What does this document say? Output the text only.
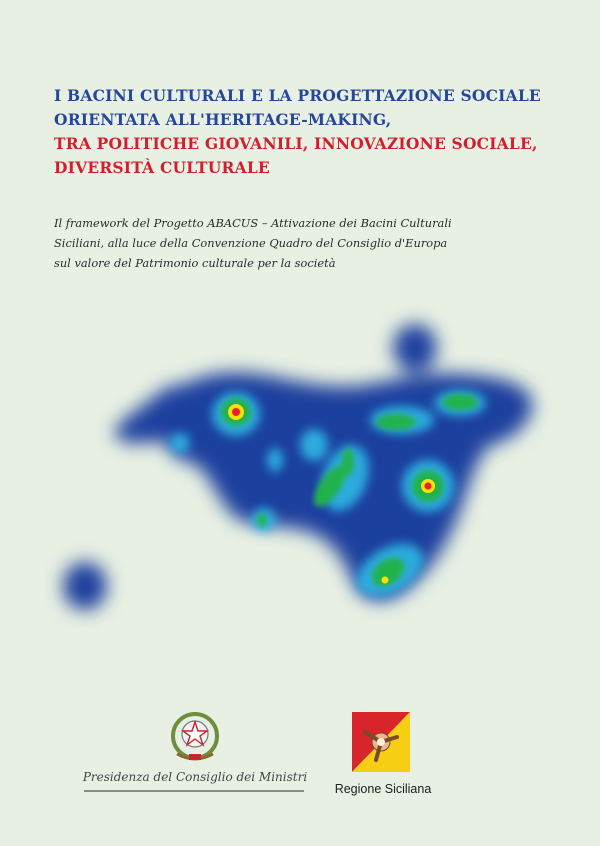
I BACINI CULTURALI E LA PROGETTAZIONE SOCIALE
ORIENTATA ALL'HERITAGE-MAKING,
TRA POLITICHE GIOVANILI, INNOVAZIONE SOCIALE,
DIVERSITÀ CULTURALE
Il framework del Progetto ABACUS – Attivazione dei Bacini Culturali
Siciliani, alla luce della Convenzione Quadro del Consiglio d'Europa
sul valore del Patrimonio culturale per la società
Presidenza del Consiglio dei Ministri
Regione Siciliana
